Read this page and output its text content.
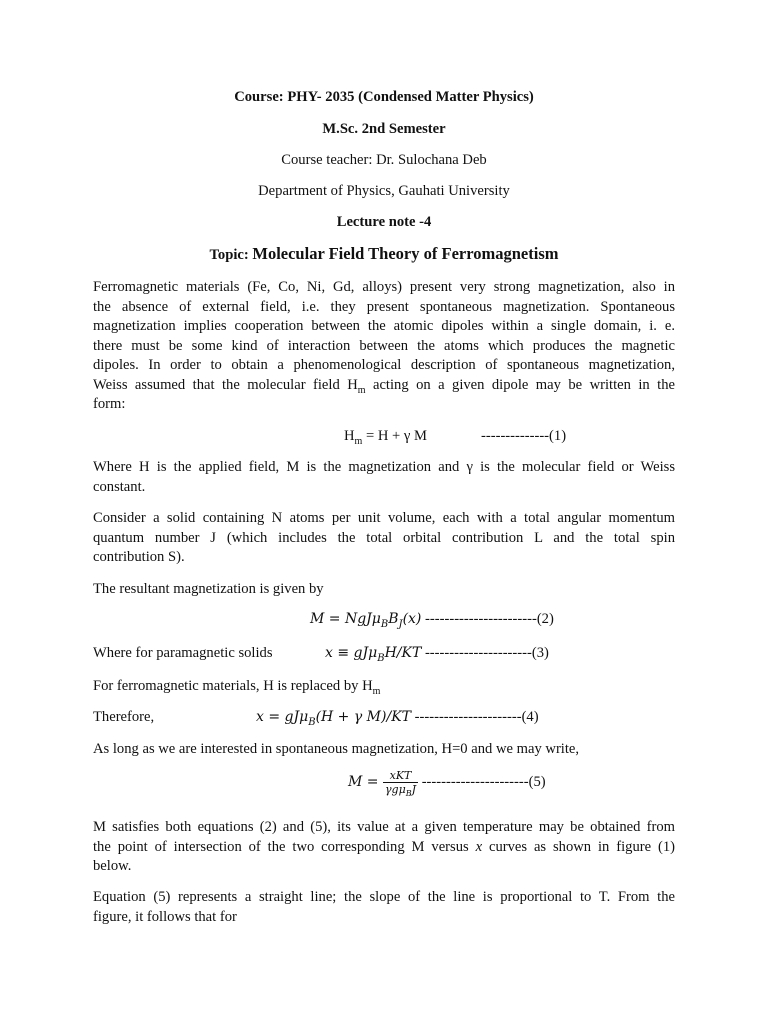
Course: PHY- 2035 (Condensed Matter Physics)
M.Sc. 2nd Semester
Course teacher: Dr. Sulochana Deb
Department of Physics, Gauhati University
Lecture note -4
Topic: Molecular Field Theory of Ferromagnetism
Ferromagnetic materials (Fe, Co, Ni, Gd, alloys) present very strong magnetization, also in
the absence of external field, i.e. they present spontaneous magnetization. Spontaneous
magnetization implies cooperation between the atomic dipoles within a single domain, i. e.
there must be some kind of interaction between the atoms which produces the magnetic
dipoles. In order to obtain a phenomenological description of spontaneous magnetization,
Weiss assumed that the molecular field $H_m$ acting on a given dipole may be written in the
form:
$H_m = H + \gamma$ M	--------------(1)
Where H is the applied field, M is the magnetization and γ is the molecular field or Weiss
constant.
Consider a solid containing N atoms per unit volume, each with a total angular momentum
quantum number J (which includes the total orbital contribution L and the total spin
contribution S).
The resultant magnetization is given by
$M = NgJ\mu_BB_J(x)$ -----------------------(2)
Where for paramagnetic solids	x ≡ gJμ$_B$H/KT ----------------------(3)
For ferromagnetic materials, H is replaced by $H_m$
Therefore,	x = gJμ$_B$(H + γ M)/KT ----------------------(4)
As long as we are interested in spontaneous magnetization, H=0 and we may write,
$M = \frac{\text{xKT}}{\gamma g\mu_BJ} ----------------------(5)$
M satisfies both equations (2) and (5), its value at a given temperature may be obtained from
the point of intersection of the two corresponding M versus x curves as shown in figure (1)
below.
Equation (5) represents a straight line; the slope of the line is proportional to T. From the
figure, it follows that for
